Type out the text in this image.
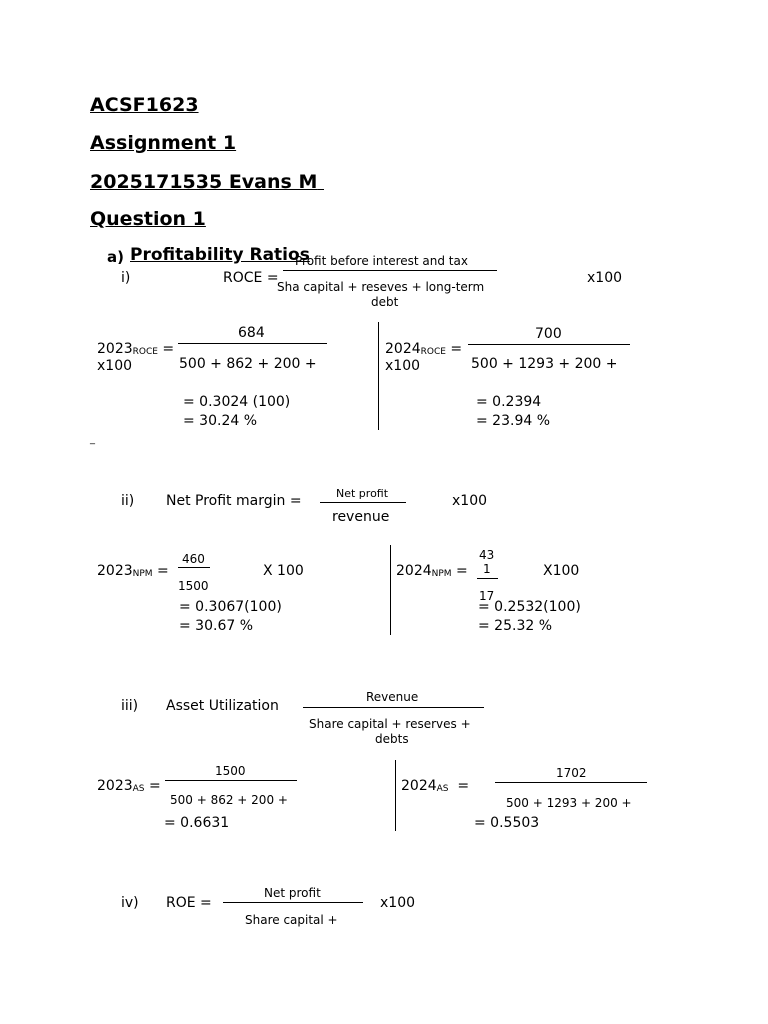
ACSF1623
Assignment 1
2025171535 Evans M
Question 1
a) Profitability Ratios
i)	ROCE =
Profit before interest and tax
Sha capital + reseves + long-term
debt
x100
$2023_{ROCE}$ =
x100
684
500 + 862 + 200 +
= 0.3024 (100)
= 30.24 %
$2024_{ROCE}$ =
x100
700
500 + 1293 + 200 +
= 0.2394
= 23.94 %
_
ii) Net Profit margin =	Net profit
revenue
x100
$2023_{NPM}$ =
460
1500
X 100
= 0.3067(100)
= 30.67 %
$2024_{NPM}$ =
43
1
17
X100
= 0.2532(100)
= 25.32 %
iii) Asset Utilization
Revenue
Share capital + reserves +
debts
$2023_{AS}$ =
1500
500 + 862 + 200 +
= 0.6631
$2024_{AS}$ =
1702
500 + 1293 + 200 +
= 0.5503
iv) ROE =
Net profit
Share capital +
x100
